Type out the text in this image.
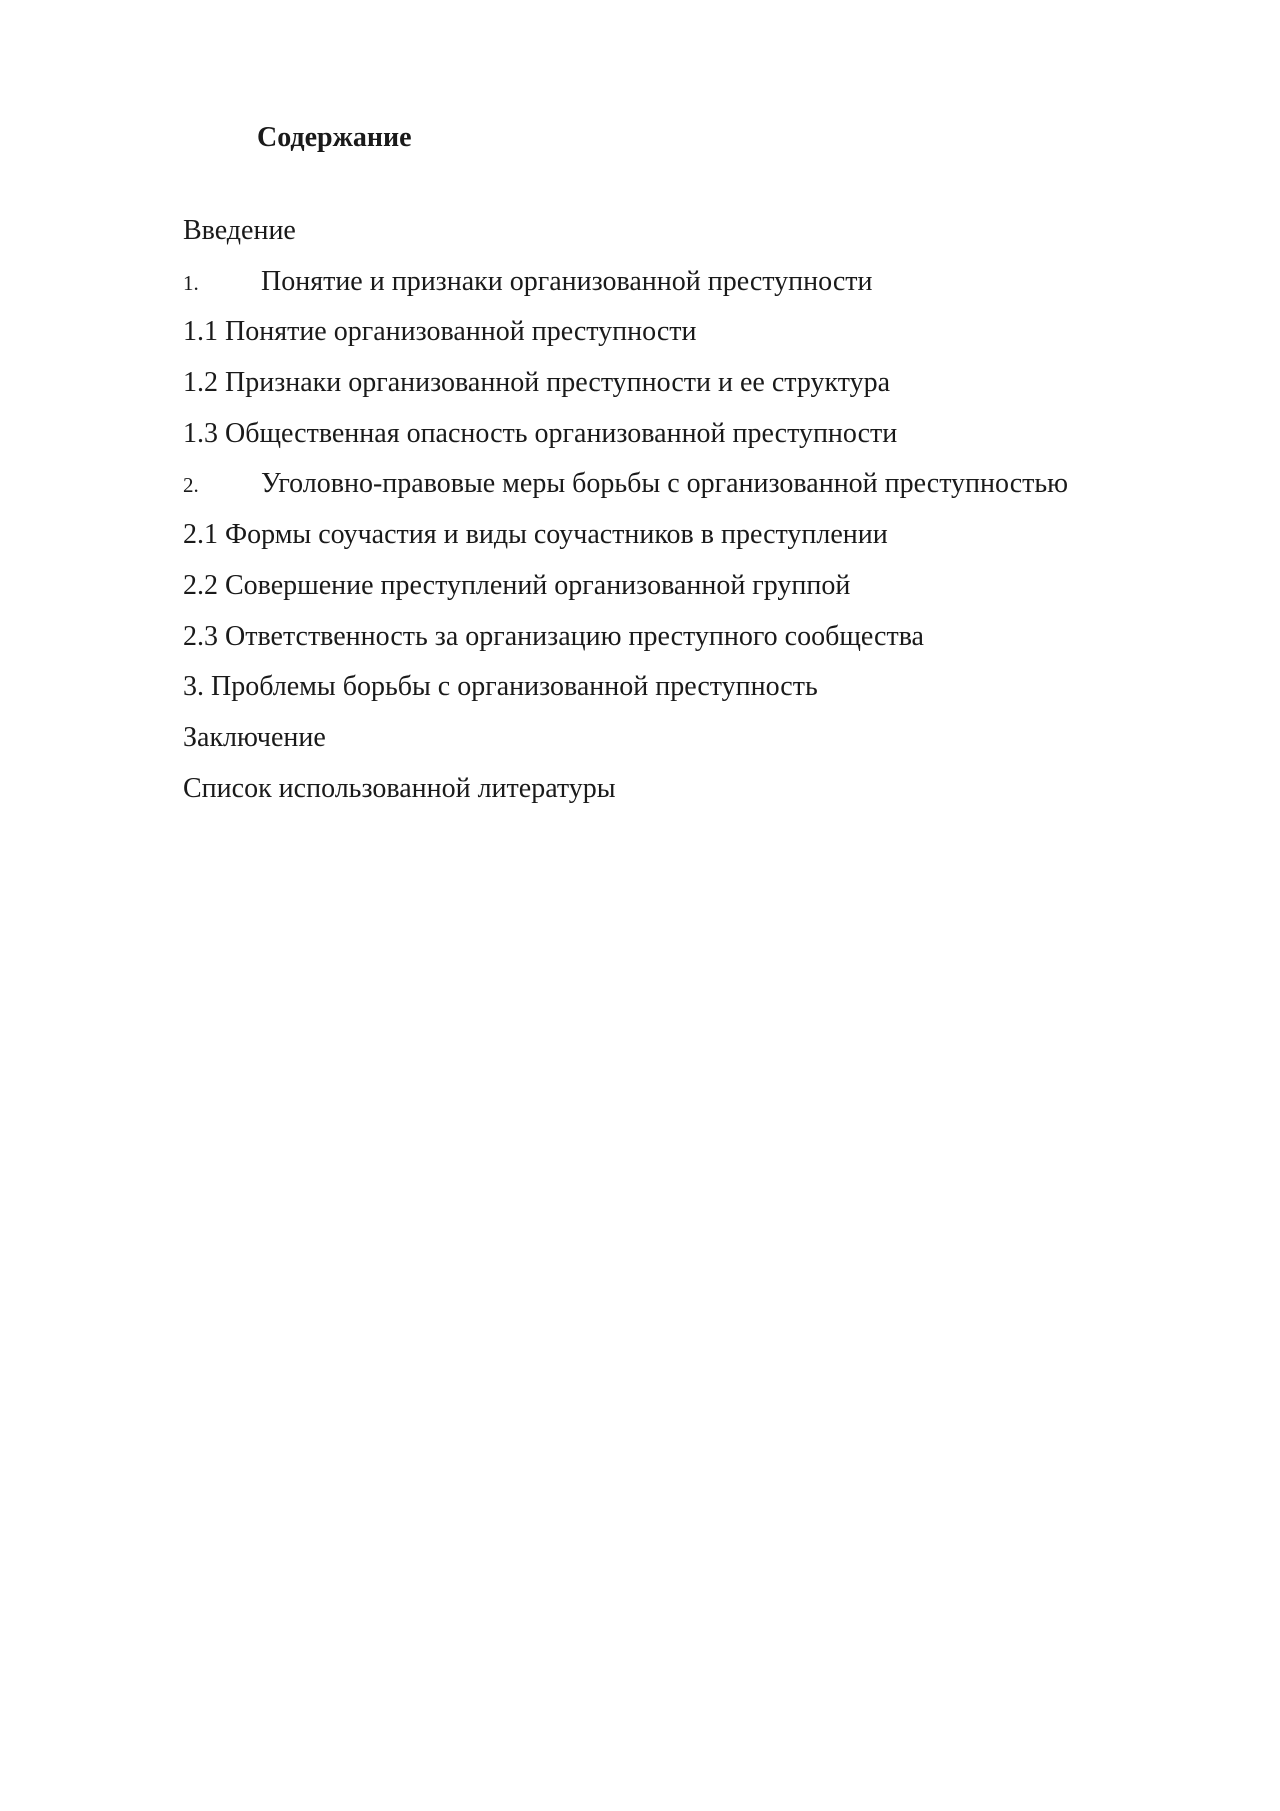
Содержание
Введение
1.	Понятие и признаки организованной преступности
1.1 Понятие организованной преступности
1.2 Признаки организованной преступности и ее структура
1.3 Общественная опасность организованной преступности
2.	Уголовно-правовые меры борьбы с организованной преступностью
2.1 Формы соучастия и виды соучастников в преступлении
2.2 Совершение преступлений организованной группой
2.3 Ответственность за организацию преступного сообщества
3. Проблемы борьбы с организованной преступность
Заключение
Список использованной литературы
